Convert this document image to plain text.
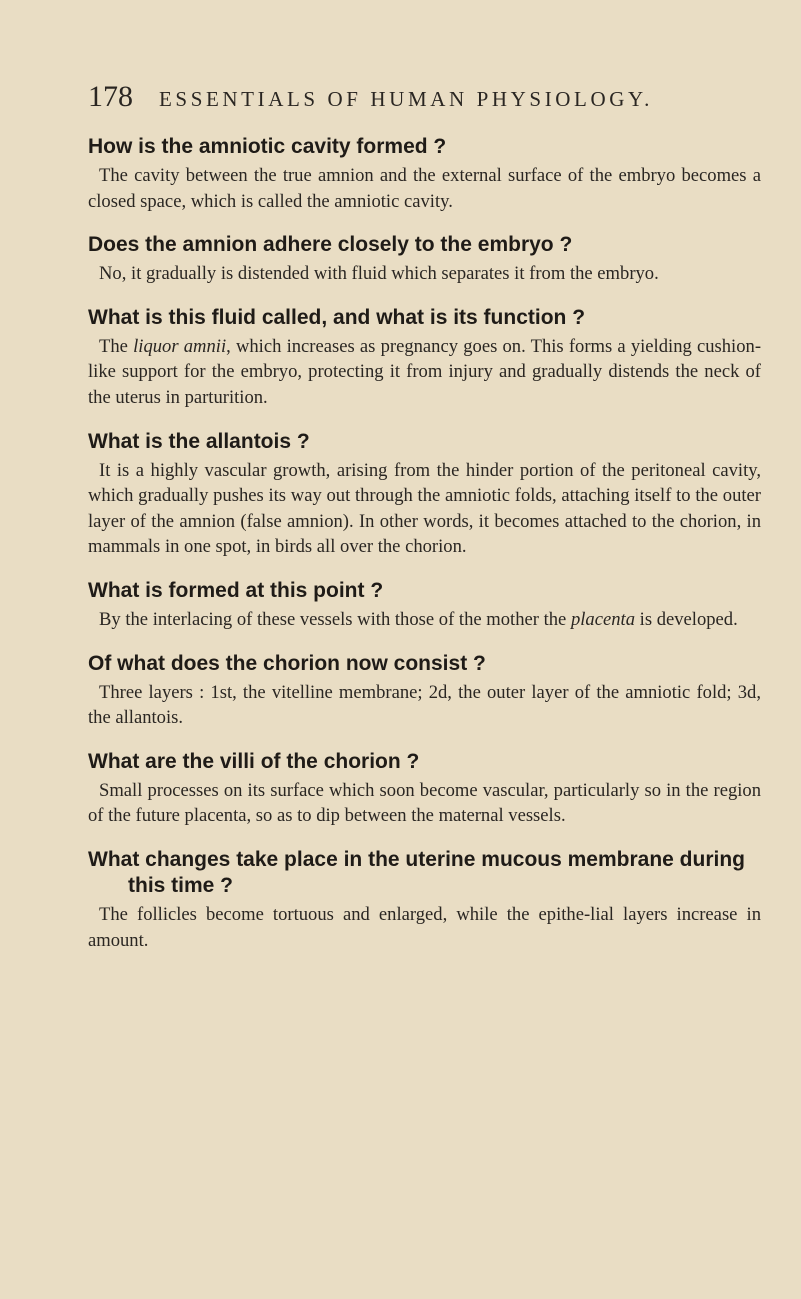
178 ESSENTIALS OF HUMAN PHYSIOLOGY.
How is the amniotic cavity formed ?
The cavity between the true amnion and the external surface of the embryo becomes a closed space, which is called the amniotic cavity.
Does the amnion adhere closely to the embryo ?
No, it gradually is distended with fluid which separates it from the embryo.
What is this fluid called, and what is its function ?
The liquor amnii, which increases as pregnancy goes on. This forms a yielding cushion-like support for the embryo, protecting it from injury and gradually distends the neck of the uterus in parturition.
What is the allantois ?
It is a highly vascular growth, arising from the hinder portion of the peritoneal cavity, which gradually pushes its way out through the amniotic folds, attaching itself to the outer layer of the amnion (false amnion). In other words, it becomes attached to the chorion, in mammals in one spot, in birds all over the chorion.
What is formed at this point ?
By the interlacing of these vessels with those of the mother the placenta is developed.
Of what does the chorion now consist ?
Three layers : 1st, the vitelline membrane; 2d, the outer layer of the amniotic fold; 3d, the allantois.
What are the villi of the chorion ?
Small processes on its surface which soon become vascular, particularly so in the region of the future placenta, so as to dip between the maternal vessels.
What changes take place in the uterine mucous membrane during this time ?
The follicles become tortuous and enlarged, while the epithe-lial layers increase in amount.
